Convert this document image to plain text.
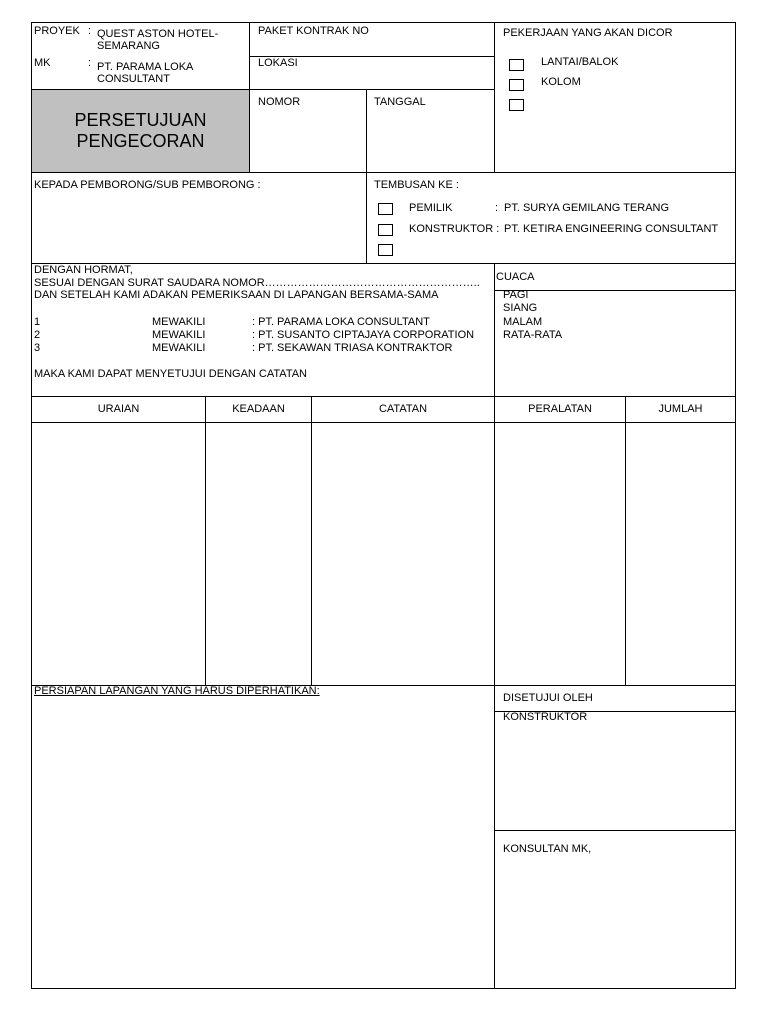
PERSETUJUAN
PENGECORAN
PROYEK : QUEST ASTON HOTEL-
SEMARANG
MK	: PT. PARAMA LOKA
CONSULTANT
PAKET KONTRAK NO
LOKASI
NOMOR	TANGGAL
PEKERJAAN YANG AKAN DICOR
LANTAI/BALOK
KOLOM
KEPADA PEMBORONG/SUB PEMBORONG :	TEMBUSAN KE :
PEMILIK	: PT. SURYA GEMILANG TERANG
KONSTRUKTOR : PT. KETIRA ENGINEERING CONSULTANT
DENGAN HORMAT,
SESUAI DENGAN SURAT SAUDARA NOMOR…………………………………………………..
DAN SETELAH KAMI ADAKAN PEMERIKSAAN DI LAPANGAN BERSAMA-SAMA
1	MEWAKILI	: PT. PARAMA LOKA CONSULTANT
2	MEWAKILI	: PT. SUSANTO CIPTAJAYA CORPORATION
3	MEWAKILI	: PT. SEKAWAN TRIASA KONTRAKTOR
MAKA KAMI DAPAT MENYETUJUI DENGAN CATATAN
CUACA
PAGI
SIANG
MALAM
RATA-RATA
URAIAN	KEADAAN	CATATAN	PERALATAN	JUMLAH
PERSIAPAN LAPANGAN YANG HARUS DIPERHATIKAN:
DISETUJUI OLEH
KONSTRUKTOR
KONSULTAN MK,
